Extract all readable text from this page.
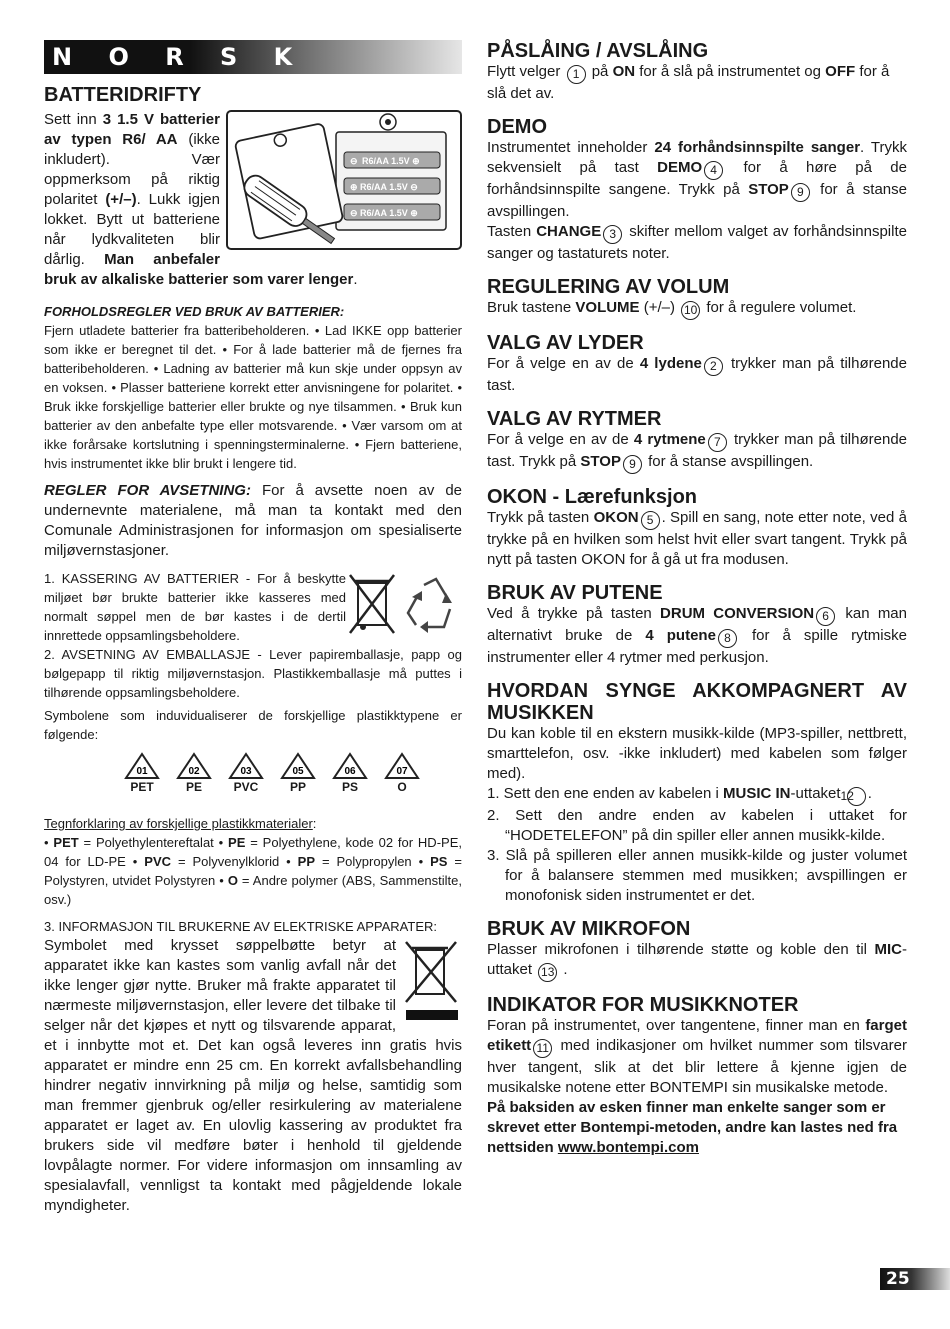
N O R S K
BATTERIDRIFTY
⊖ R6/AA 1.5V ⊕
⊕ R6/AA 1.5V ⊖
⊖ R6/AA 1.5V ⊕

Sett inn 3 1.5 V batterier av typen R6/ AA (ikke inkludert). Vær oppmerksom på riktig polaritet (+/–). Lukk igjen lokket. Bytt ut batteriene når lydkvaliteten blir dårlig. Man anbefaler bruk av alkaliske batterier som varer lenger.

FORHOLDSREGLER VED BRUK AV BATTERIER:

Fjern utladete batterier fra batteribeholderen. • Lad IKKE opp batterier som ikke er beregnet til det. • For å lade batterier må de fjernes fra batteribeholderen. • Ladning av batterier må kun skje under oppsyn av en voksen. • Plasser batteriene korrekt etter anvisningene for polaritet. • Bruk ikke forskjellige batterier eller brukte og nye tilsammen. • Bruk kun batterier av den anbefalte type eller motsvarende. • Vær varsom om at ikke forårsake kortslutning i spenningsterminalerne. • Fjern batteriene, hvis instrumentet ikke blir brukt i lengere tid.

REGLER FOR AVSETNING: For å avsette noen av de undernevnte materialene, må man ta kontakt med den Comunale Administrasjonen for informasjon om spesialiserte miljøvernstasjoner.

1. KASSERING AV BATTERIER - For å beskytte miljøet bør brukte batterier ikke kasseres med normalt søppel men de bør kastes i de dertil innrettede oppsamlingsbeholdere.

2. AVSETNING AV EMBALLASJE - Lever papiremballasje, papp og bølgepapp til riktig miljøvernstasjon. Plastikkemballasje må puttes i tilhørende oppsamlingsbeholdere.

Symbolene som induvidualiserer de forskjellige plastikktypene er følgende:

01
PET
02
PE
03
PVC
05
PP
06
PS
07
O

Tegnforklaring av forskjellige plastikkmaterialer:

• PET = Polyethylentereftalat • PE = Polyethylene, kode 02 for HD-PE, 04 for LD-PE • PVC = Polyvenylklorid • PP = Polypropylen • PS = Polystyren, utvidet Polystyren • O = Andre polymer (ABS, Sammenstilte, osv.)

3. INFORMASJON TIL BRUKERNE AV ELEKTRISKE APPARATER:

Symbolet med krysset søppelbøtte betyr at apparatet ikke kan kastes som vanlig avfall når det ikke lenger gjør nytte. Bruker må frakte apparatet til nærmeste miljøvernstasjon, eller levere det tilbake til selger når det kjøpes et nytt og tilsvarende apparat, et i innbytte mot et. Det kan også leveres inn gratis hvis apparatet er mindre enn 25 cm. En korrekt avfallsbehandling hindrer negativ innvirkning på miljø og helse, samtidig som man fremmer gjenbruk og/eller resirkulering av materialene apparatet er laget av. En ulovlig kassering av produktet fra brukers side vil medføre bøter i henhold til gjeldende lovpålagte normer. For videre informasjon om innsamling av spesialavfall, vennligst ta kontakt med pågjeldende lokale myndigheter.

PÅSLÅING / AVSLÅING

Flytt velger 1 på ON for å slå på instrumentet og OFF for å slå det av.

DEMO

Instrumentet inneholder 24 forhåndsinnspilte sanger. Trykk sekvensielt på tast DEMO 4 for å høre på de forhåndsinnspilte sangene. Trykk på STOP 9 for å stanse avspillingen.

Tasten CHANGE 3 skifter mellom valget av forhåndsinnspilte sanger og tastaturets noter.

REGULERING AV VOLUM

Bruk tastene VOLUME (+/–) 10 for å regulere volumet.

VALG AV LYDER

For å velge en av de 4 lydene 2 trykker man på tilhørende tast.

VALG AV RYTMER

For å velge en av de 4 rytmene 7 trykker man på tilhørende tast. Trykk på STOP 9 for å stanse avspillingen.

OKON - Lærefunksjon

Trykk på tasten OKON 5 . Spill en sang, note etter note, ved å trykke på en hvilken som helst hvit eller svart tangent. Trykk på nytt på tasten OKON for å gå ut fra modusen.

BRUK AV PUTENE

Ved å trykke på tasten DRUM CONVERSION 6 kan man alternativt bruke de 4 putene 8 for å spille rytmiske instrumenter eller 4 rytmer med perkusjon.

HVORDAN SYNGE AKKOMPAGNERT AV MUSIKKEN

Du kan koble til en ekstern musikk-kilde (MP3-spiller, nettbrett, smarttelefon, osv. -ikke inkludert) med kabelen som følger med).

1. Sett den ene enden av kabelen i MUSIC IN-uttaket 12 .
2. Sett den andre enden av kabelen i uttaket for “HODETELEFON” på din spiller eller annen musikk-kilde.
3. Slå på spilleren eller annen musikk-kilde og juster volumet for å balansere stemmen med musikken; avspillingen er monofonisk siden instrumentet er det.
BRUK AV MIKROFON

Plasser mikrofonen i tilhørende støtte og koble den til MIC-uttaket 13 .

INDIKATOR FOR MUSIKKNOTER

Foran på instrumentet, over tangentene, finner man en farget etikett 11 med indikasjoner om hvilket nummer som tilsvarer hver tangent, slik at det blir lettere å kjenne igjen de musikalske notene etter BONTEMPI sin musikalske metode.

På baksiden av esken finner man enkelte sanger som er skrevet etter Bontempi-metoden, andre kan lastes ned fra nettsiden www.bontempi.com

25
